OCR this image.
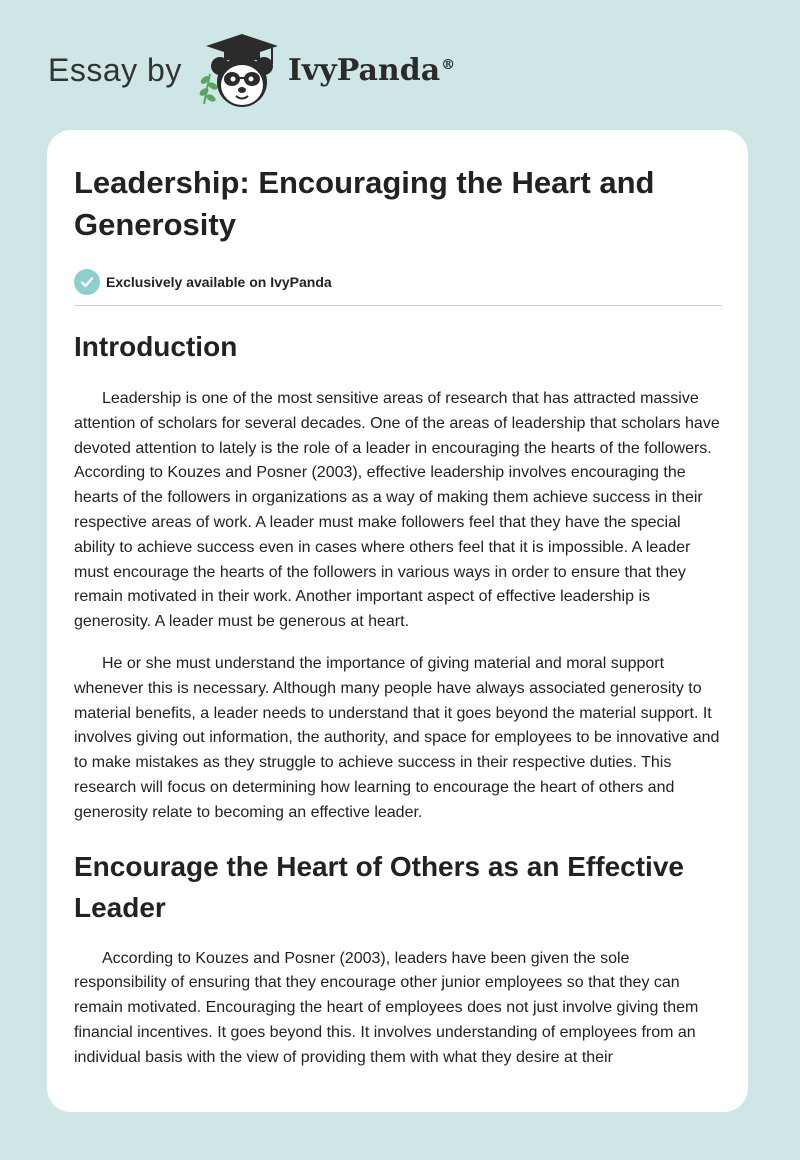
Essay by	IvyPanda®
Leadership: Encouraging the Heart and Generosity
Exclusively available on IvyPanda
Introduction

Leadership is one of the most sensitive areas of research that has attracted massive attention of scholars for several decades. One of the areas of leadership that scholars have devoted attention to lately is the role of a leader in encouraging the hearts of the followers. According to Kouzes and Posner (2003), effective leadership involves encouraging the hearts of the followers in organizations as a way of making them achieve success in their respective areas of work. A leader must make followers feel that they have the special ability to achieve success even in cases where others feel that it is impossible. A leader must encourage the hearts of the followers in various ways in order to ensure that they remain motivated in their work. Another important aspect of effective leadership is generosity. A leader must be generous at heart.

He or she must understand the importance of giving material and moral support whenever this is necessary. Although many people have always associated generosity to material benefits, a leader needs to understand that it goes beyond the material support. It involves giving out information, the authority, and space for employees to be innovative and to make mistakes as they struggle to achieve success in their respective duties. This research will focus on determining how learning to encourage the heart of others and generosity relate to becoming an effective leader.

Encourage the Heart of Others as an Effective Leader

According to Kouzes and Posner (2003), leaders have been given the sole responsibility of ensuring that they encourage other junior employees so that they can remain motivated. Encouraging the heart of employees does not just involve giving them financial incentives. It goes beyond this. It involves understanding of employees from an individual basis with the view of providing them with what they desire at their
